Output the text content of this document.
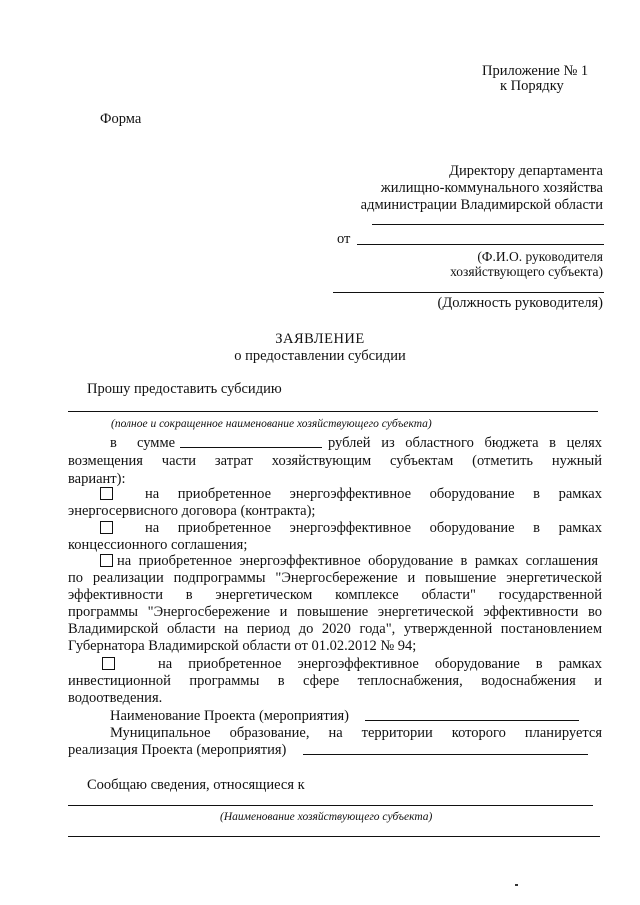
Приложение № 1
к Порядку
Форма
Директору департамента
жилищно-коммунального хозяйства
администрации Владимирской области
от
(Ф.И.О. руководителя
хозяйствующего субъекта)
(Должность руководителя)
ЗАЯВЛЕНИЕ
о предоставлении субсидии
Прошу предоставить субсидию
(полное и сокращенное наименование хозяйствующего субъекта)
в сумме	рублей из областного бюджета в целях
возмещения части затрат хозяйствующим субъектам (отметить нужный
вариант):
на приобретенное энергоэффективное оборудование в рамках
энергосервисного договора (контракта);
на приобретенное энергоэффективное оборудование в рамках
концессионного соглашения;
на приобретенное энергоэффективное оборудование в рамках соглашения
по реализации подпрограммы "Энергосбережение и повышение энергетической
эффективности в энергетическом комплексе области" государственной
программы "Энергосбережение и повышение энергетической эффективности во
Владимирской области на период до 2020 года", утвержденной постановлением
Губернатора Владимирской области от 01.02.2012 № 94;
на приобретенное энергоэффективное оборудование в рамках
инвестиционной программы в сфере теплоснабжения, водоснабжения и
водоотведения.
Наименование Проекта (мероприятия)
Муниципальное образование, на территории которого планируется
реализация Проекта (мероприятия)
Сообщаю сведения, относящиеся к
(Наименование хозяйствующего субъекта)
